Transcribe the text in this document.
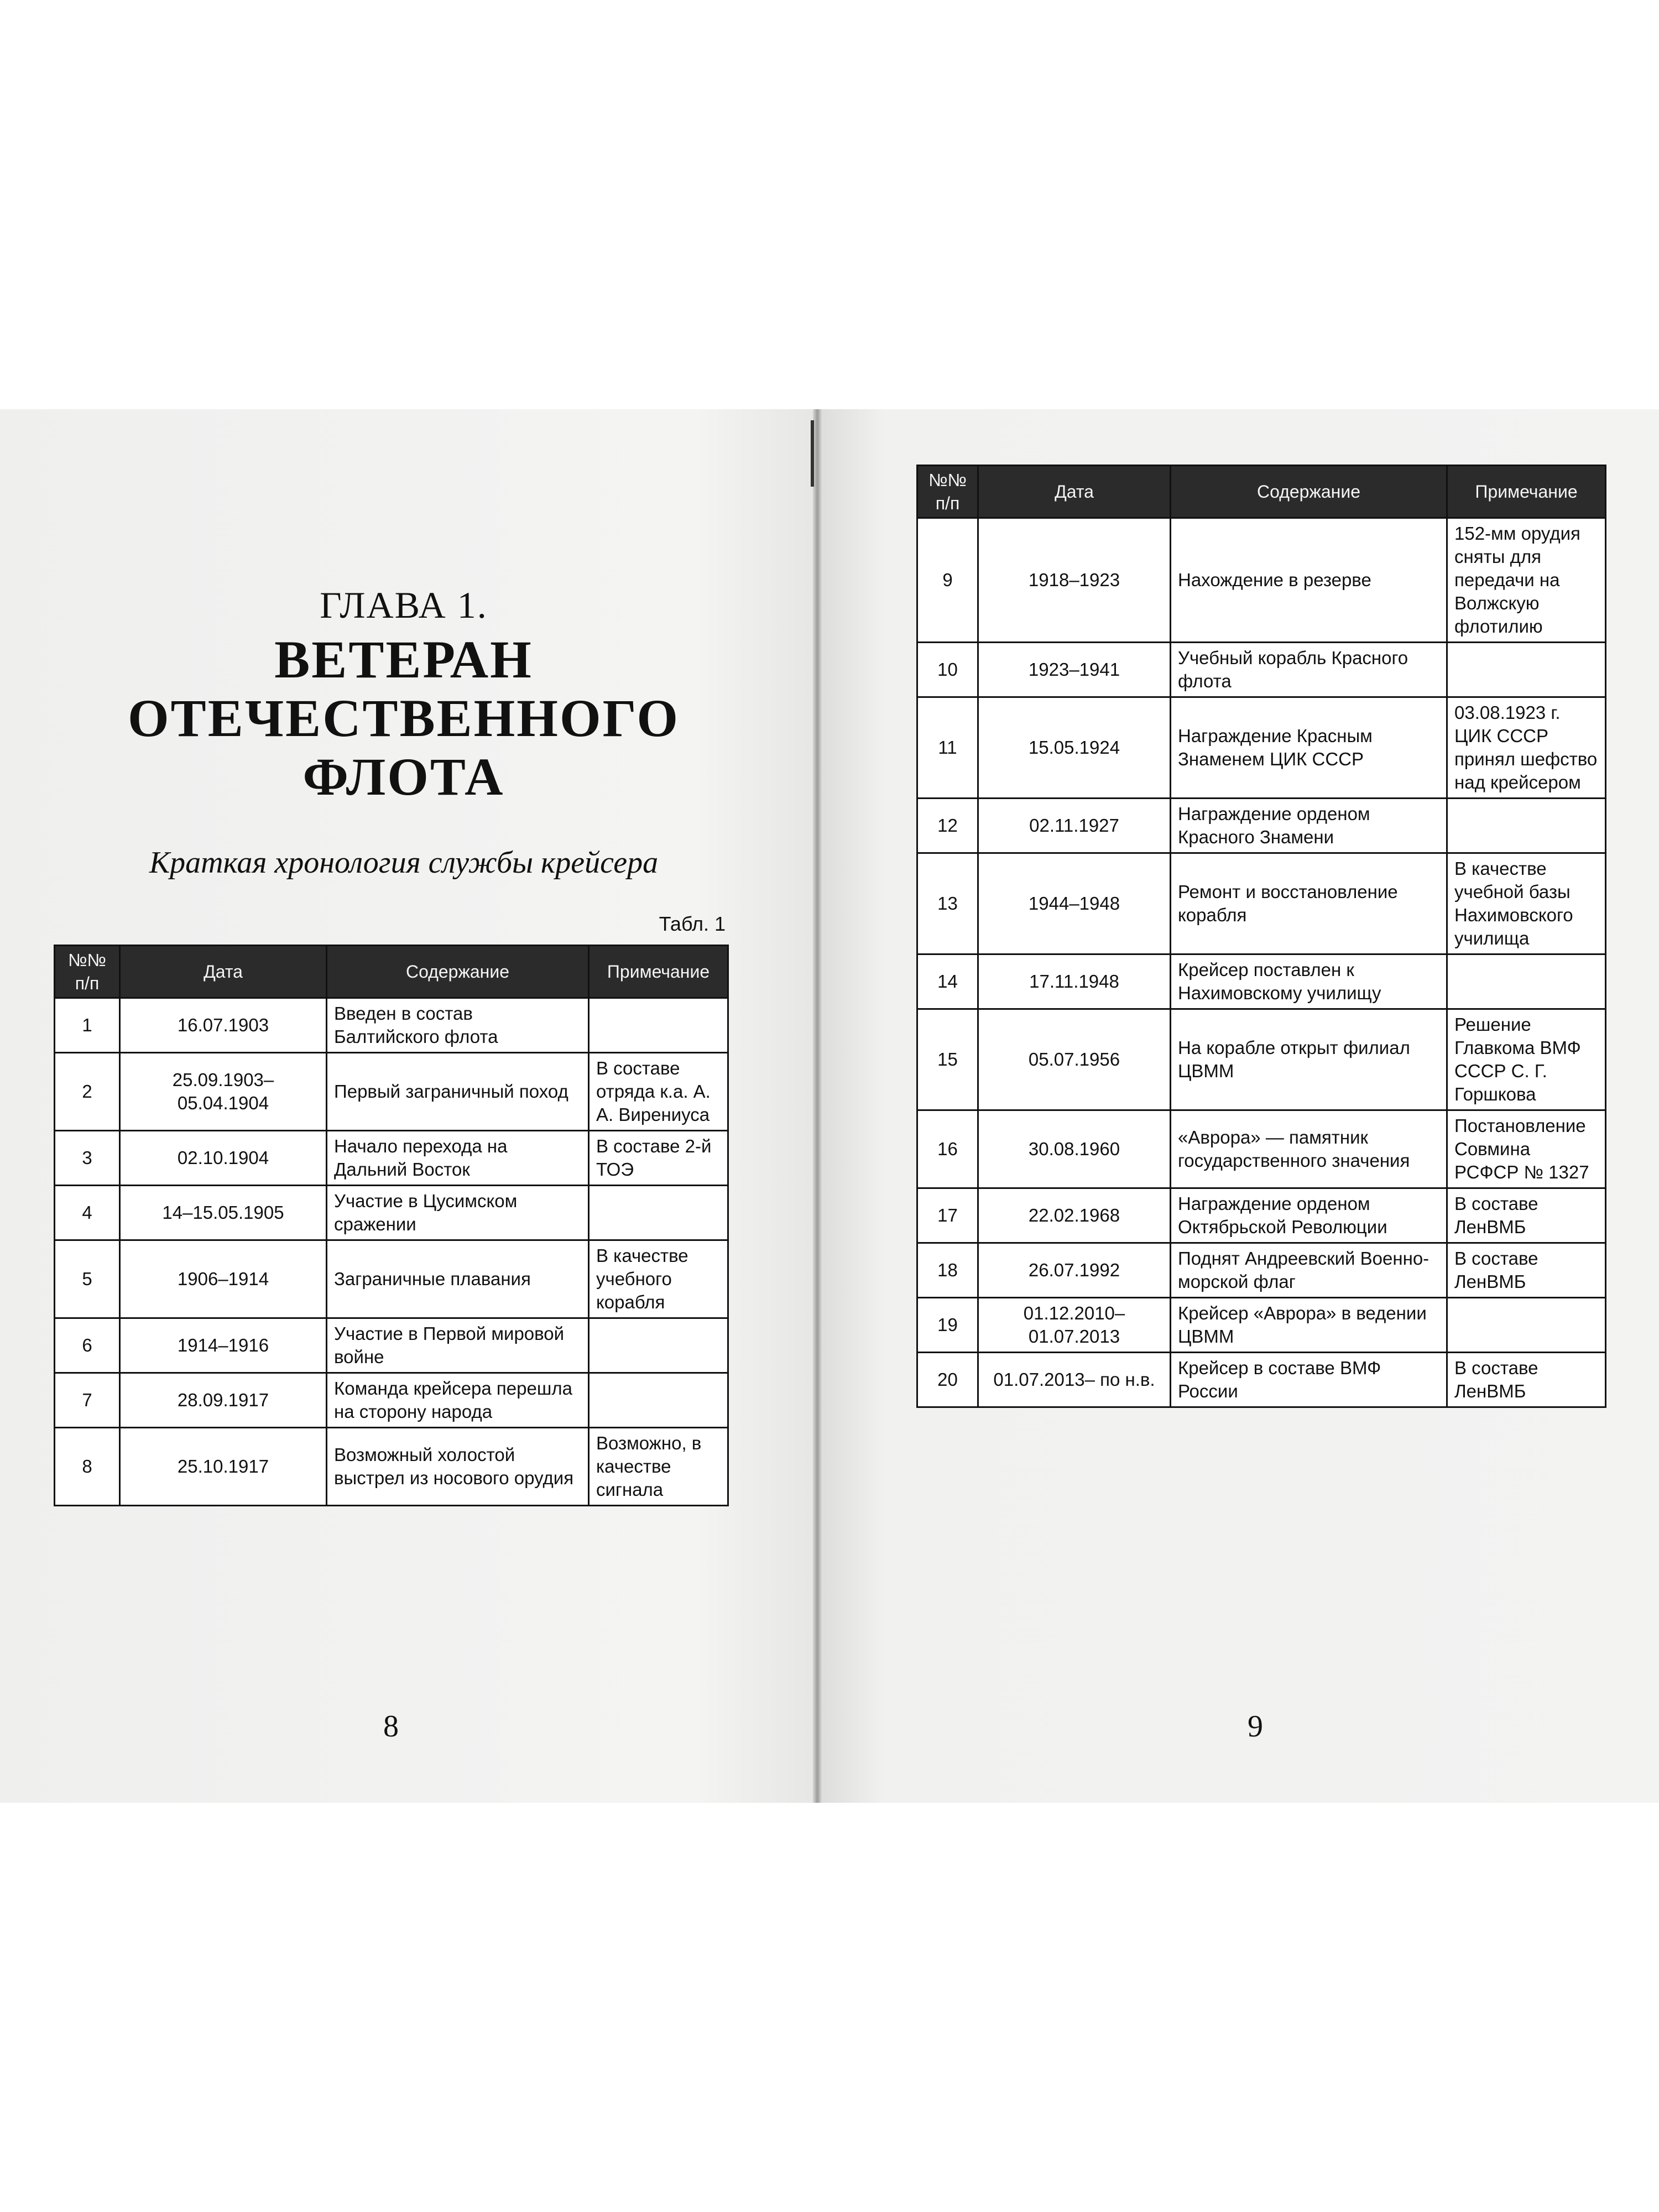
ГЛАВА 1.
ВЕТЕРАН
ОТЕЧЕСТВЕННОГО
ФЛОТА
Краткая хронология службы крейсера
Табл. 1
№№ п/п	Дата	Содержание	Примечание
1	16.07.1903	Введен в состав Балтийского флота	
2	25.09.1903–05.04.1904	Первый заграничный поход	В составе отряда к.а. А. А. Вирениуса
3	02.10.1904	Начало перехода на Дальний Восток	В составе 2-й ТОЭ
4	14–15.05.1905	Участие в Цусимском сражении	
5	1906–1914	Заграничные плавания	В качестве учебного корабля
6	1914–1916	Участие в Первой мировой войне	
7	28.09.1917	Команда крейсера перешла на сторону народа	
8	25.10.1917	Возможный холостой выстрел из носового орудия	Возможно, в качестве сигнала
№№ п/п	Дата	Содержание	Примечание
9	1918–1923	Нахождение в резерве	152-мм орудия сняты для передачи на Волжскую флотилию
10	1923–1941	Учебный корабль Красного флота	
11	15.05.1924	Награждение Красным Знаменем ЦИК СССР	03.08.1923 г. ЦИК СССР принял шефство над крейсером
12	02.11.1927	Награждение орденом Красного Знамени	
13	1944–1948	Ремонт и восстановление корабля	В качестве учебной базы Нахимовского училища
14	17.11.1948	Крейсер поставлен к Нахимовскому училищу	
15	05.07.1956	На корабле открыт филиал ЦВММ	Решение Главкома ВМФ СССР С. Г. Горшкова
16	30.08.1960	«Аврора» — памятник государственного значения	Постановление Совмина РСФСР № 1327
17	22.02.1968	Награждение орденом Октябрьской Революции	В составе ЛенВМБ
18	26.07.1992	Поднят Андреевский Военно-морской флаг	В составе ЛенВМБ
19	01.12.2010–01.07.2013	Крейсер «Аврора» в ведении ЦВММ	
20	01.07.2013– по н.в.	Крейсер в составе ВМФ России	В составе ЛенВМБ
8	9
